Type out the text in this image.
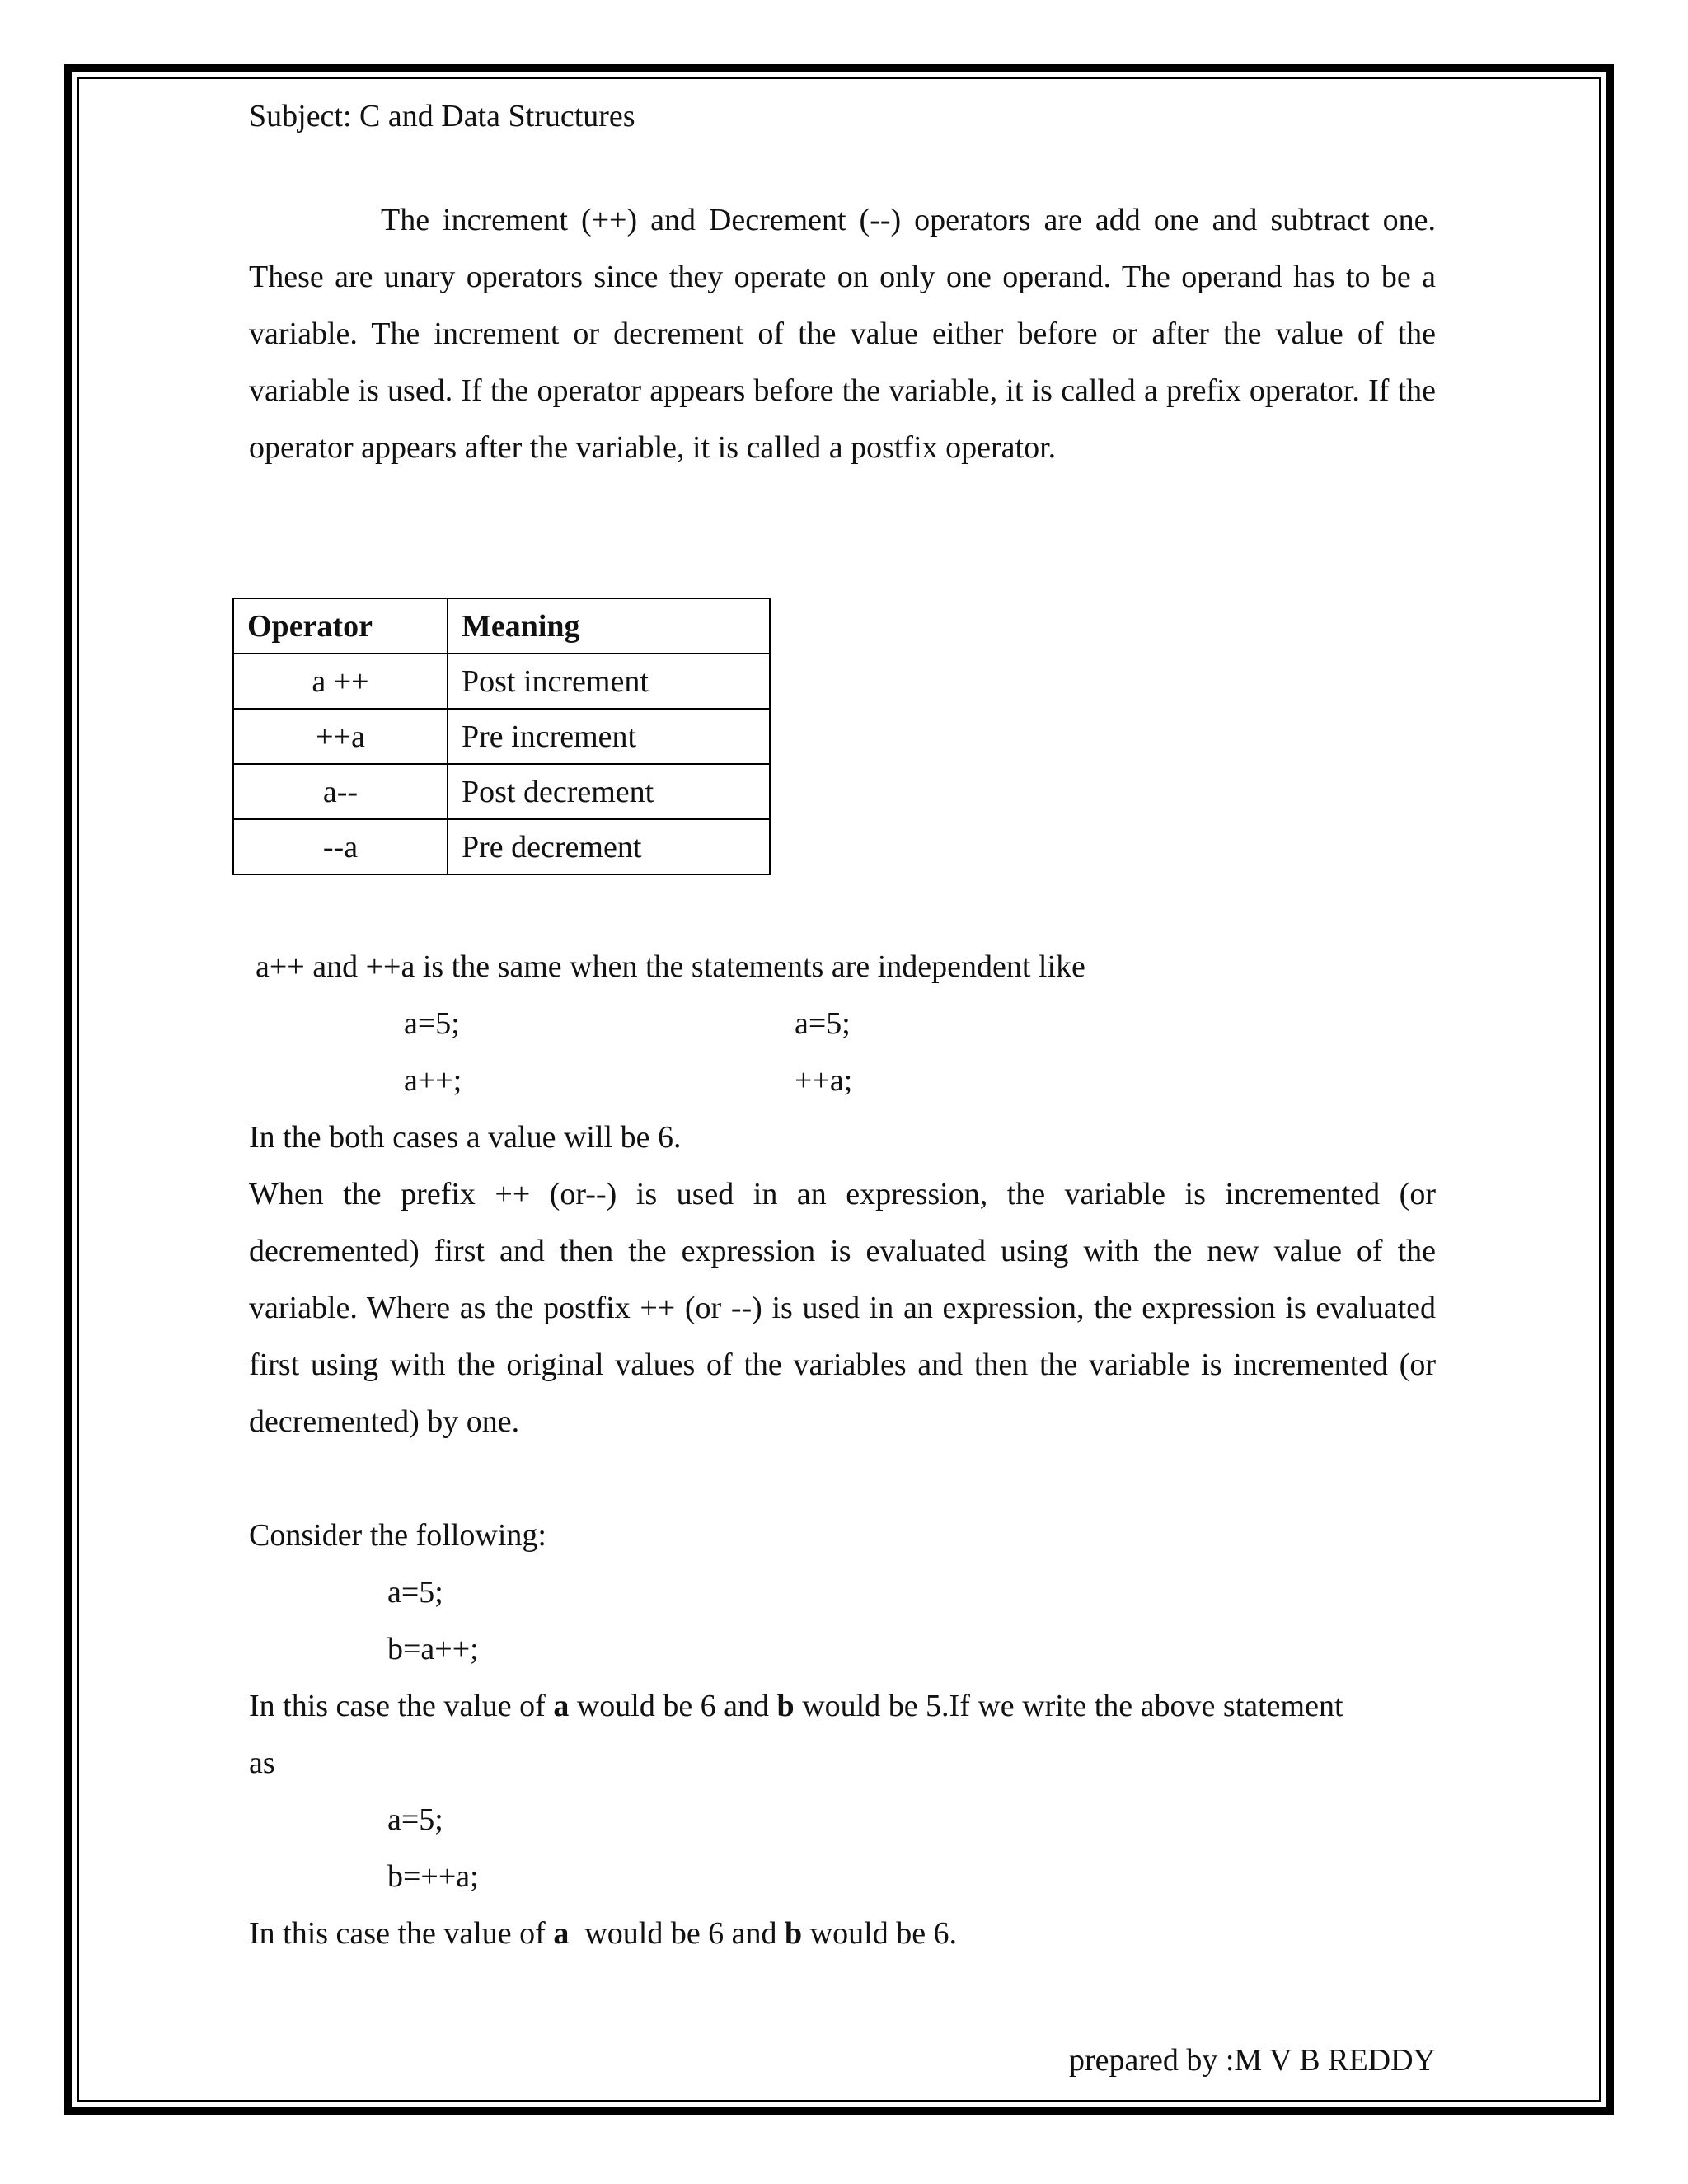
Subject: C and Data Structures
The increment (++) and Decrement (--) operators are add one and subtract one. These are unary operators since they operate on only one operand. The operand has to be a variable. The increment or decrement of the value either before or after the value of the variable is used. If the operator appears before the variable, it is called a prefix operator. If the operator appears after the variable, it is called a postfix operator.
Operator	Meaning
a ++	Post increment
++a	Pre increment
a--	Post decrement
--a	Pre decrement
a++ and ++a is the same when the statements are independent like
a=5;	a=5;
a++;	++a;
In the both cases a value will be 6.
When the prefix ++ (or--) is used in an expression, the variable is incremented (or decremented) first and then the expression is evaluated using with the new value of the variable. Where as the postfix ++ (or --) is used in an expression, the expression is evaluated first using with the original values of the variables and then the variable is incremented (or decremented) by one.
Consider the following:
a=5;
b=a++;
In this case the value of a would be 6 and b would be 5.If we write the above statement
as
a=5;
b=++a;
In this case the value of a  would be 6 and b would be 6.
prepared by :M V B REDDY
